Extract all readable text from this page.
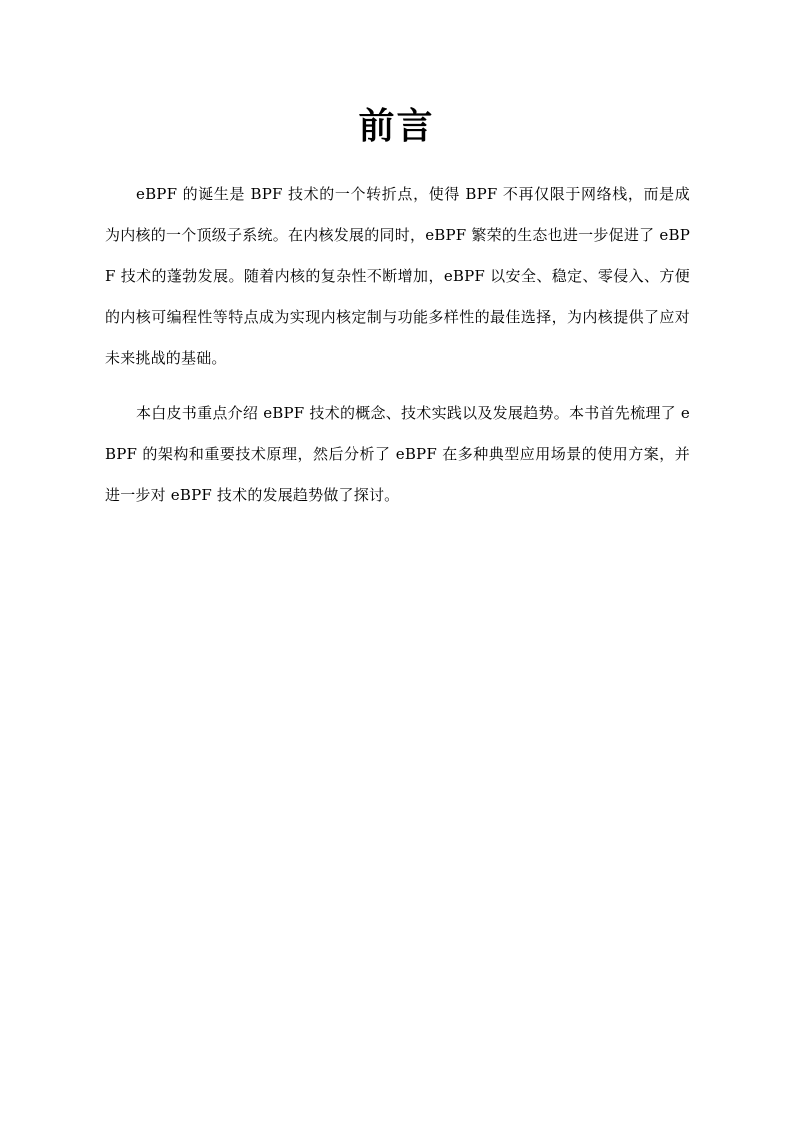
前言

eBPF 的诞生是 BPF 技术的一个转折点，使得 BPF 不再仅限于网络栈，而是成为内核的一个顶级子系统。在内核发展的同时，eBPF 繁荣的生态也进一步促进了 eBPF 技术的蓬勃发展。随着内核的复杂性不断增加，eBPF 以安全、稳定、零侵入、方便的内核可编程性等特点成为实现内核定制与功能多样性的最佳选择，为内核提供了应对未来挑战的基础。

本白皮书重点介绍 eBPF 技术的概念、技术实践以及发展趋势。本书首先梳理了 eBPF 的架构和重要技术原理，然后分析了 eBPF 在多种典型应用场景的使用方案，并进一步对 eBPF 技术的发展趋势做了探讨。
